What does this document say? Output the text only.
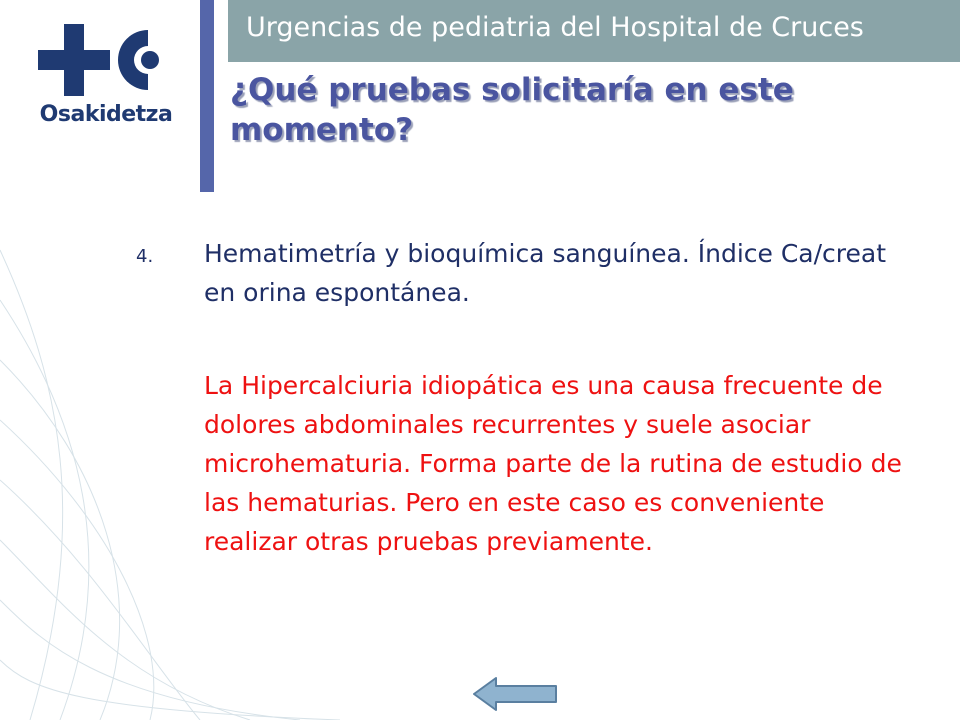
Osakidetza
Urgencias de pediatria del Hospital de Cruces
¿Qué pruebas solicitaría en este momento?
4. Hematimetría y bioquímica sanguínea. Índice Ca/creat en orina espontánea.
La Hipercalciuria idiopática es una causa frecuente de dolores abdominales recurrentes y suele asociar microhematuria. Forma parte de la rutina de estudio de las hematurias. Pero en este caso es conveniente realizar otras pruebas previamente.
